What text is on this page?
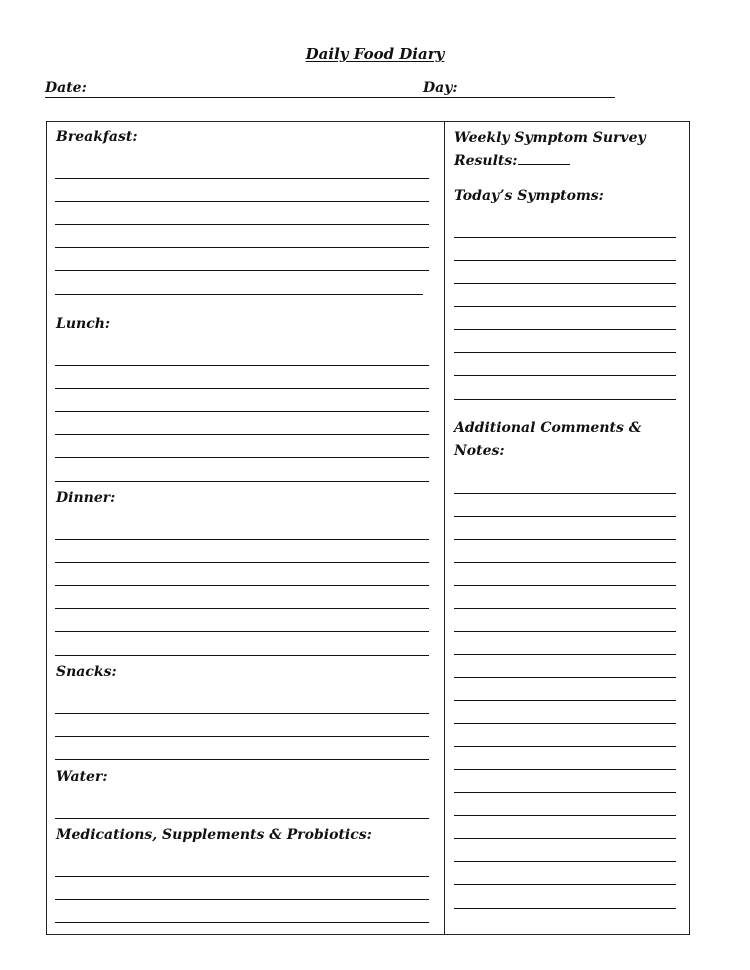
Daily Food Diary
Date:	Day:
Breakfast:
Lunch:
Dinner:
Snacks:
Water:
Medications, Supplements & Probiotics:
Weekly Symptom Survey
Results:
Today’s Symptoms:
Additional Comments &
Notes:
